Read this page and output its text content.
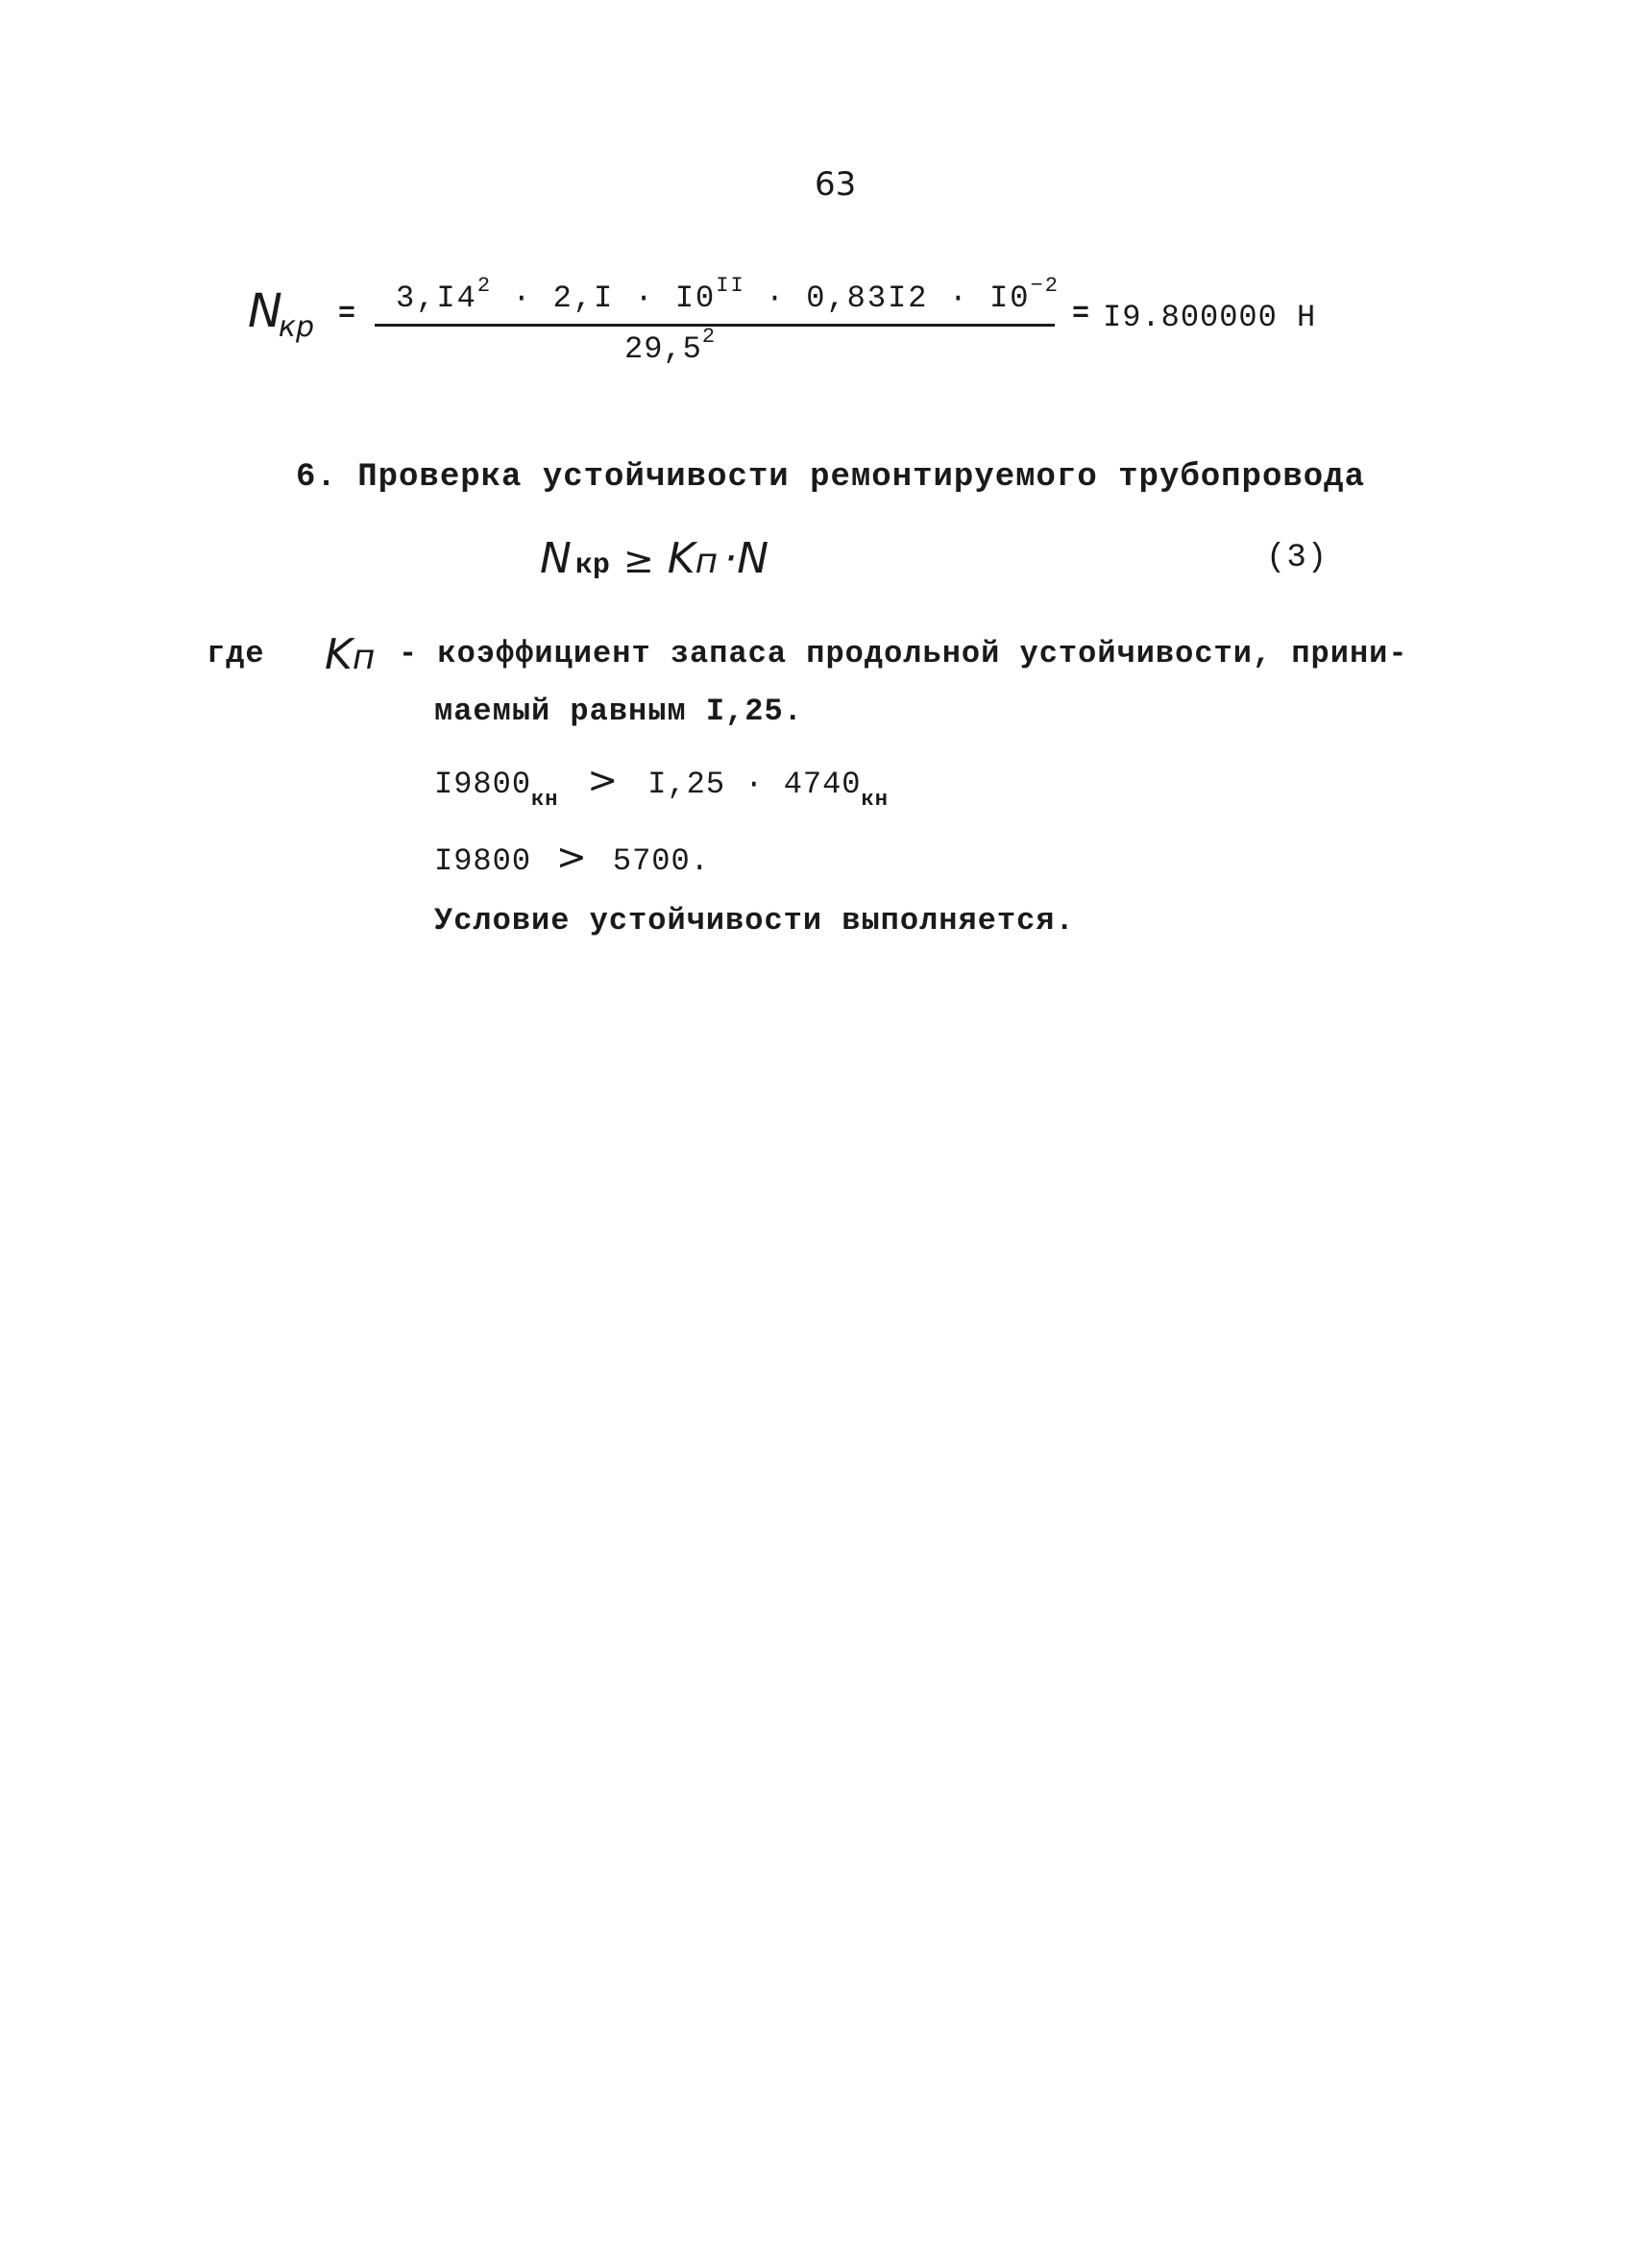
63
$N_{кр} = 3,I4^2 \cdot 2,I \cdot I0^{II} \cdot 0,83I2 \cdot I0^{-2}$
$29,5^2$
= I9.800000 Н
6. Проверка устойчивости ремонтируемого трубопровода
N кр ≥ Kп ·N	(3)
где Kп - коэффициент запаса продольной устойчивости, прини-
маемый равным I,25.
$I9800_{кн} > I,25 \cdot 4740_{кн}$
I9800 > 5700.
Условие устойчивости выполняется.
